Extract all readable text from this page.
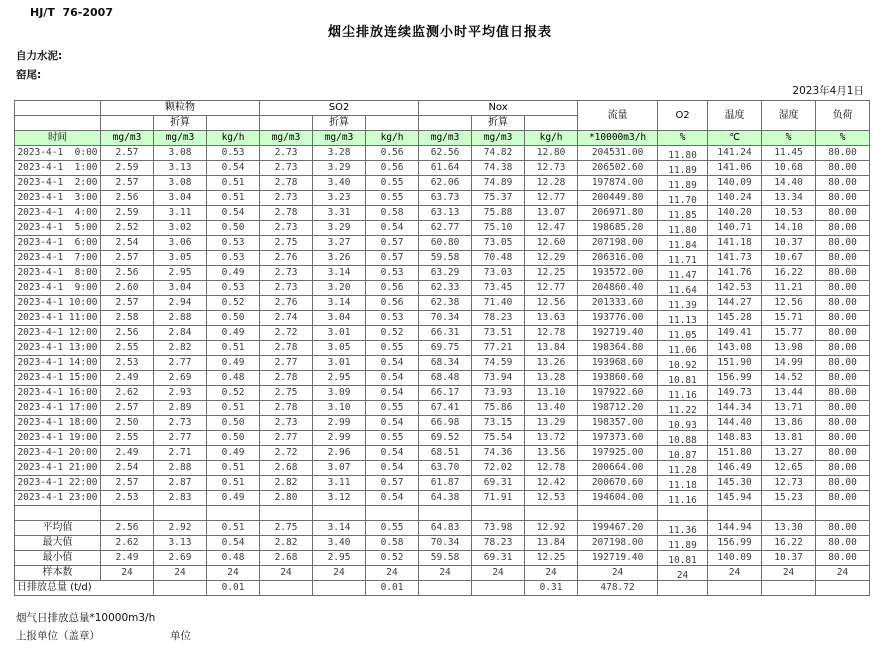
HJ/T  76-2007
烟尘排放连续监测小时平均值日报表
自力水泥:
窑尾:
2023年4月1日
	颗粒物			SO2			Nox			流量	O2	温度	湿度	负荷
		折算			折算			折算						
时间	mg/m3	mg/m3	kg/h	mg/m3	mg/m3	kg/h	mg/m3	mg/m3	kg/h	*10000m3/h	%	℃	%	%
2023-4-1  0:00	2.57	3.08	0.53	2.73	3.28	0.56	62.56	74.82	12.80	204531.00	11.80	141.24	11.45	80.00
2023-4-1  1:00	2.59	3.13	0.54	2.73	3.29	0.56	61.64	74.38	12.73	206502.60	11.89	141.06	10.68	80.00
2023-4-1  2:00	2.57	3.08	0.51	2.78	3.40	0.55	62.06	74.89	12.28	197874.00	11.89	140.09	14.40	80.00
2023-4-1  3:00	2.56	3.04	0.51	2.73	3.23	0.55	63.73	75.37	12.77	200449.80	11.70	140.24	13.34	80.00
2023-4-1  4:00	2.59	3.11	0.54	2.78	3.31	0.58	63.13	75.88	13.07	206971.80	11.85	140.20	10.53	80.00
2023-4-1  5:00	2.52	3.02	0.50	2.73	3.29	0.54	62.77	75.10	12.47	198685.20	11.80	140.71	14.10	80.00
2023-4-1  6:00	2.54	3.06	0.53	2.75	3.27	0.57	60.80	73.05	12.60	207198.00	11.84	141.18	10.37	80.00
2023-4-1  7:00	2.57	3.05	0.53	2.76	3.26	0.57	59.58	70.48	12.29	206316.00	11.71	141.73	10.67	80.00
2023-4-1  8:00	2.56	2.95	0.49	2.73	3.14	0.53	63.29	73.03	12.25	193572.00	11.47	141.76	16.22	80.00
2023-4-1  9:00	2.60	3.04	0.53	2.73	3.20	0.56	62.33	73.45	12.77	204860.40	11.64	142.53	11.21	80.00
2023-4-1 10:00	2.57	2.94	0.52	2.76	3.14	0.56	62.38	71.40	12.56	201333.60	11.39	144.27	12.56	80.00
2023-4-1 11:00	2.58	2.88	0.50	2.74	3.04	0.53	70.34	78.23	13.63	193776.00	11.13	145.28	15.71	80.00
2023-4-1 12:00	2.56	2.84	0.49	2.72	3.01	0.52	66.31	73.51	12.78	192719.40	11.05	149.41	15.77	80.00
2023-4-1 13:00	2.55	2.82	0.51	2.78	3.05	0.55	69.75	77.21	13.84	198364.80	11.06	143.08	13.98	80.00
2023-4-1 14:00	2.53	2.77	0.49	2.77	3.01	0.54	68.34	74.59	13.26	193968.60	10.92	151.90	14.99	80.00
2023-4-1 15:00	2.49	2.69	0.48	2.78	2.95	0.54	68.48	73.94	13.28	193860.60	10.81	156.99	14.52	80.00
2023-4-1 16:00	2.62	2.93	0.52	2.75	3.09	0.54	66.17	73.93	13.10	197922.60	11.16	149.73	13.44	80.00
2023-4-1 17:00	2.57	2.89	0.51	2.78	3.10	0.55	67.41	75.86	13.40	198712.20	11.22	144.34	13.71	80.00
2023-4-1 18:00	2.50	2.73	0.50	2.73	2.99	0.54	66.98	73.15	13.29	198357.00	10.93	144.40	13.86	80.00
2023-4-1 19:00	2.55	2.77	0.50	2.77	2.99	0.55	69.52	75.54	13.72	197373.60	10.88	148.83	13.81	80.00
2023-4-1 20:00	2.49	2.71	0.49	2.72	2.96	0.54	68.51	74.36	13.56	197925.00	10.87	151.80	13.27	80.00
2023-4-1 21:00	2.54	2.88	0.51	2.68	3.07	0.54	63.70	72.02	12.78	200664.00	11.28	146.49	12.65	80.00
2023-4-1 22:00	2.57	2.87	0.51	2.82	3.11	0.57	61.87	69.31	12.42	200670.60	11.18	145.30	12.73	80.00
2023-4-1 23:00	2.53	2.83	0.49	2.80	3.12	0.54	64.38	71.91	12.53	194604.00	11.16	145.94	15.23	80.00

平均值	2.56	2.92	0.51	2.75	3.14	0.55	64.83	73.98	12.92	199467.20	11.36	144.94	13.30	80.00
最大值	2.62	3.13	0.54	2.82	3.40	0.58	70.34	78.23	13.84	207198.00	11.89	156.99	16.22	80.00
最小值	2.49	2.69	0.48	2.68	2.95	0.52	59.58	69.31	12.25	192719.40	10.81	140.09	10.37	80.00
样本数	24	24	24	24	24	24	24	24	24	24	24	24	24	24
日排放总量 (t/d)			0.01			0.01			0.31	478.72				
烟气日排放总量*10000m3/h
上报单位（盖章）	单位
